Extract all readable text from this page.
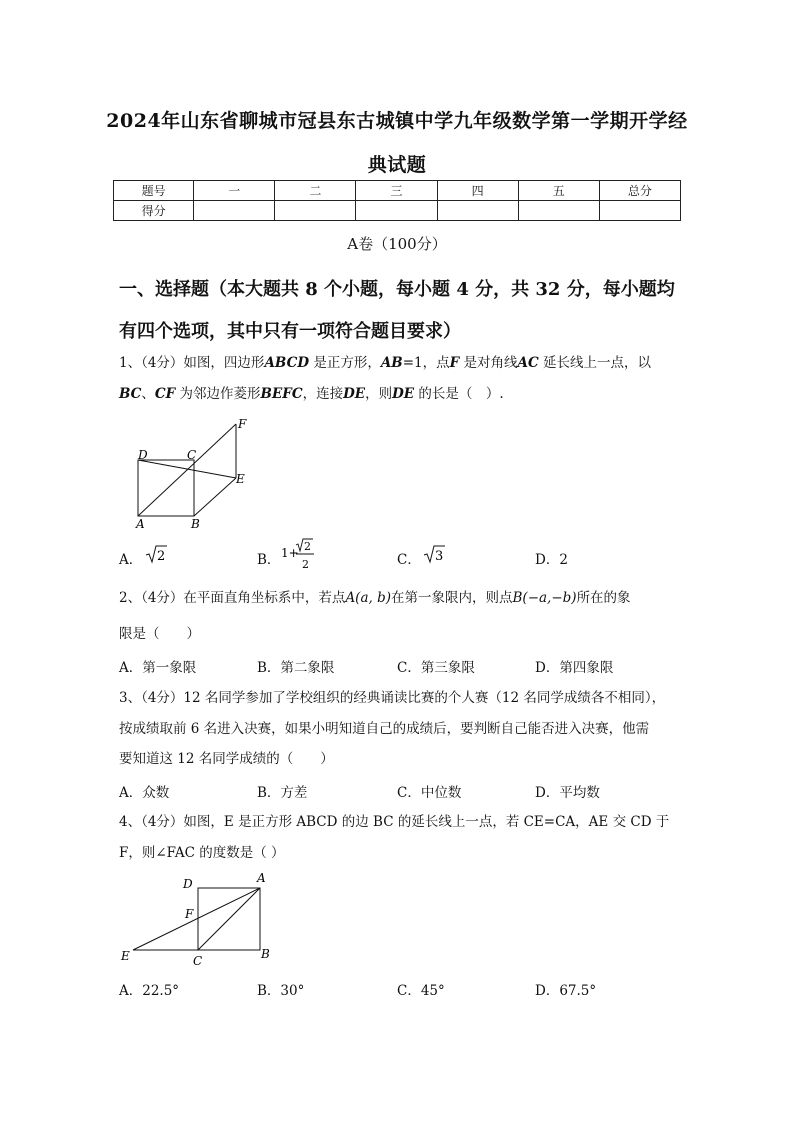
2024年山东省聊城市冠县东古城镇中学九年级数学第一学期开学经
典试题
题号	一	二	三	四	五	总分
得分						
A卷（100分）
一、选择题（本大题共 8 个小题，每小题 4 分，共 32 分，每小题均
有四个选项，其中只有一项符合题目要求）
1、（4分）如图，四边形ABCD 是正方形，AB=1，点F 是对角线AC 延长线上一点，以
BC、CF 为邻边作菱形BEFC，连接DE，则DE 的长是（　）.
D	C
F
E
A	B
A． 2	B． 1+ 2
2	C． 3	D．2
2、（4分）在平面直角坐标系中，若点A(a, b)在第一象限内，则点B(−a,−b)所在的象
限是（　　）
A．第一象限	B．第二象限	C．第三象限	D．第四象限
3、（4分）12 名同学参加了学校组织的经典诵读比赛的个人赛（12 名同学成绩各不相同），
按成绩取前 6 名进入决赛，如果小明知道自己的成绩后，要判断自己能否进入决赛，他需
要知道这 12 名同学成绩的（　　）
A．众数	B．方差	C．中位数	D．平均数
4、（4分）如图，E 是正方形 ABCD 的边 BC 的延长线上一点，若 CE=CA，AE 交 CD 于
F，则∠FAC 的度数是（ ）
D	A
F
E	C	B
A．22.5°	B．30°	C．45°	D．67.5°
